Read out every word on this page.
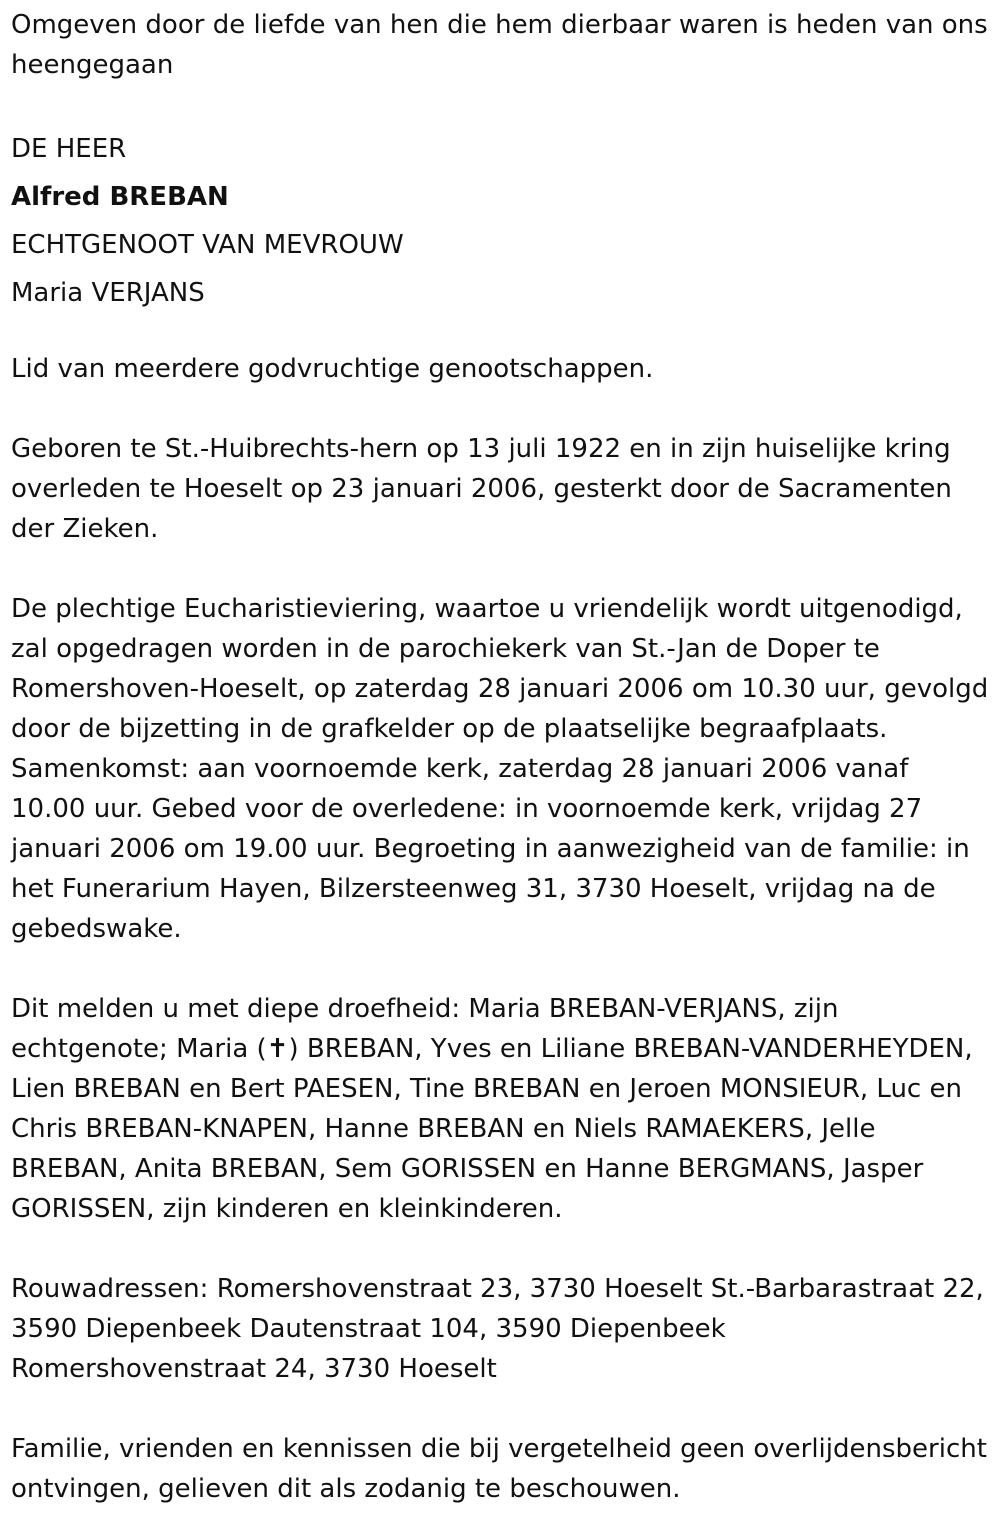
Omgeven door de liefde van hen die hem dierbaar waren is heden van ons heengegaan

DE HEER

Alfred BREBAN

ECHTGENOOT VAN MEVROUW

Maria VERJANS

Lid van meerdere godvruchtige genootschappen.

Geboren te St.-Huibrechts-hern op 13 juli 1922 en in zijn huiselijke kring overleden te Hoeselt op 23 januari 2006, gesterkt door de Sacramenten der Zieken.

De plechtige Eucharistieviering, waartoe u vriendelijk wordt uitgenodigd, zal opgedragen worden in de parochiekerk van St.-Jan de Doper te Romershoven-Hoeselt, op zaterdag 28 januari 2006 om 10.30 uur, gevolgd door de bijzetting in de grafkelder op de plaatselijke begraafplaats. Samenkomst: aan voornoemde kerk, zaterdag 28 januari 2006 vanaf 10.00 uur. Gebed voor de overledene: in voornoemde kerk, vrijdag 27 januari 2006 om 19.00 uur. Begroeting in aanwezigheid van de familie: in het Funerarium Hayen, Bilzersteenweg 31, 3730 Hoeselt, vrijdag na de gebedswake.

Dit melden u met diepe droefheid: Maria BREBAN-VERJANS, zijn echtgenote; Maria (✝) BREBAN, Yves en Liliane BREBAN-VANDERHEYDEN, Lien BREBAN en Bert PAESEN, Tine BREBAN en Jeroen MONSIEUR, Luc en Chris BREBAN-KNAPEN, Hanne BREBAN en Niels RAMAEKERS, Jelle BREBAN, Anita BREBAN, Sem GORISSEN en Hanne BERGMANS, Jasper GORISSEN, zijn kinderen en kleinkinderen.

Rouwadressen: Romershovenstraat 23, 3730 Hoeselt St.-Barbarastraat 22, 3590 Diepenbeek Dautenstraat 104, 3590 Diepenbeek Romershovenstraat 24, 3730 Hoeselt

Familie, vrienden en kennissen die bij vergetelheid geen overlijdensbericht ontvingen, gelieven dit als zodanig te beschouwen.
